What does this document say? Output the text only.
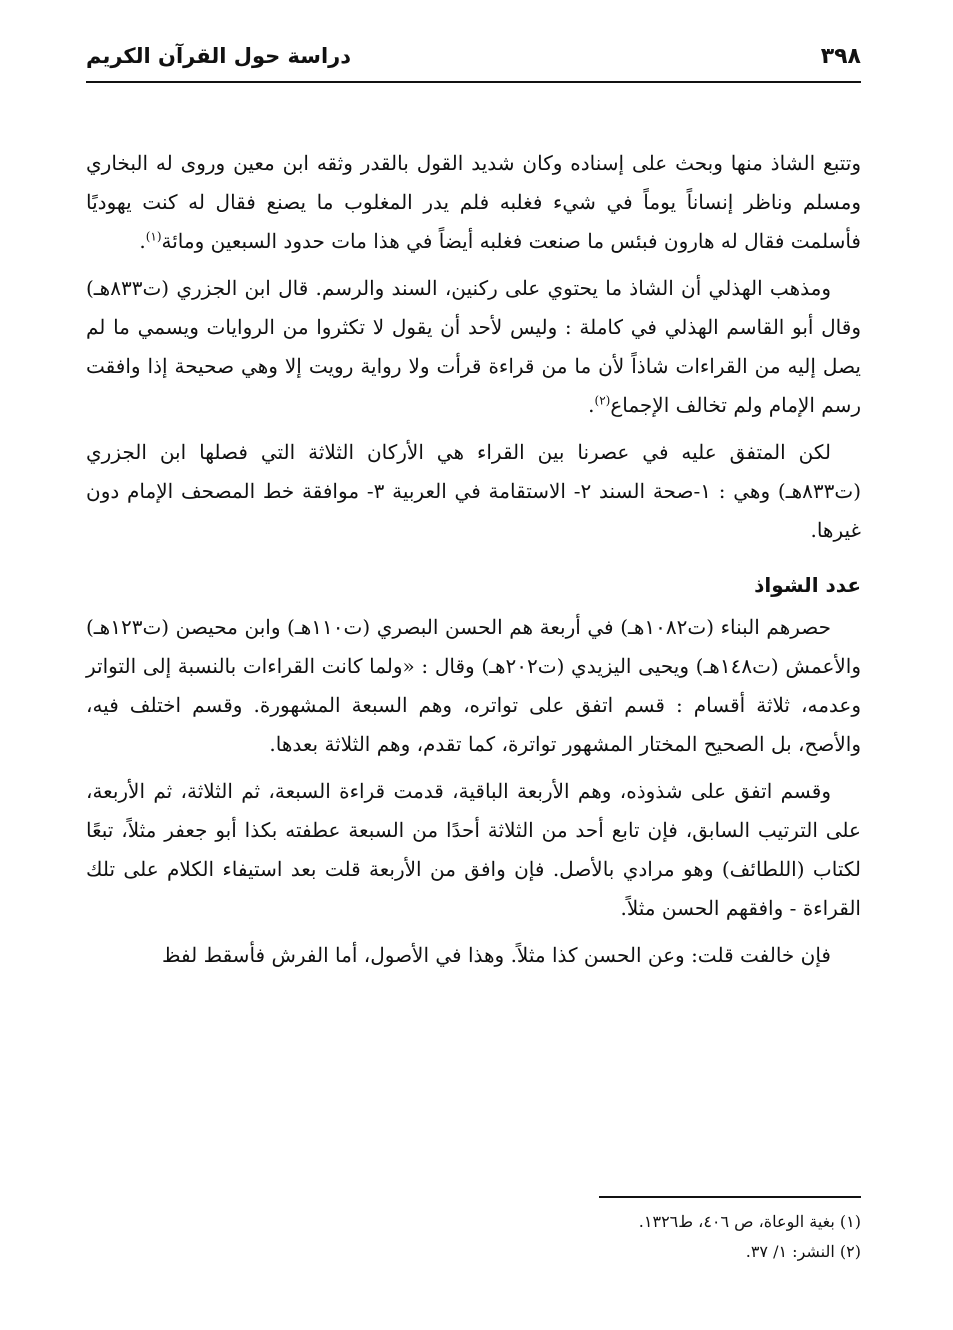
٣٩٨
دراسة حول القرآن الكريم

وتتبع الشاذ منها وبحث على إسناده وكان شديد القول بالقدر وثقه ابن معين وروى له البخاري ومسلم وناظر إنساناً يوماً في شيء فغلبه فلم يدر المغلوب ما يصنع فقال له كنت يهوديًا فأسلمت فقال له هارون فبئس ما صنعت فغلبه أيضاً في هذا مات حدود السبعين ومائة$^{(١)}$.

ومذهب الهذلي أن الشاذ ما يحتوي على ركنين، السند والرسم. قال ابن الجزري (ت٨٣٣هـ) وقال أبو القاسم الهذلي في كاملة : وليس لأحد أن يقول لا تكثروا من الروايات ويسمي ما لم يصل إليه من القراءات شاذاً لأن ما من قراءة قرأت ولا رواية رويت إلا وهي صحيحة إذا وافقت رسم الإمام ولم تخالف الإجماع$^{(٢)}$.

لكن المتفق عليه في عصرنا بين القراء هي الأركان الثلاثة التي فصلها ابن الجزري (ت٨٣٣هـ) وهي : ١-صحة السند ٢- الاستقامة في العربية ٣- موافقة خط المصحف الإمام دون غيرها.

عدد الشواذ

حصرهم البناء (ت١٠٨٢هـ) في أربعة هم الحسن البصري (ت١١٠هـ) وابن محيصن (ت١٢٣هـ) والأعمش (ت١٤٨هـ) ويحيى اليزيدي (ت٢٠٢هـ) وقال : «ولما كانت القراءات بالنسبة إلى التواتر وعدمه، ثلاثة أقسام : قسم اتفق على تواتره، وهم السبعة المشهورة. وقسم اختلف فيه، والأصح، بل الصحيح المختار المشهور تواترة، كما تقدم، وهم الثلاثة بعدها.

وقسم اتفق على شذوذه، وهم الأربعة الباقية، قدمت قراءة السبعة، ثم الثلاثة، ثم الأربعة، على الترتيب السابق، فإن تابع أحد من الثلاثة أحدًا من السبعة عطفته بكذا أبو جعفر مثلاً، تبعًا لكتاب (اللطائف) وهو مرادي بالأصل. فإن وافق من الأربعة قلت بعد استيفاء الكلام على تلك القراءة - وافقهم الحسن مثلاً.

فإن خالفت قلت: وعن الحسن كذا مثلاً. وهذا في الأصول، أما الفرش فأسقط لفظ

(١) بغية الوعاة، ص ٤٠٦، ط١٣٢٦.
(٢) النشر: ١/ ٣٧.
